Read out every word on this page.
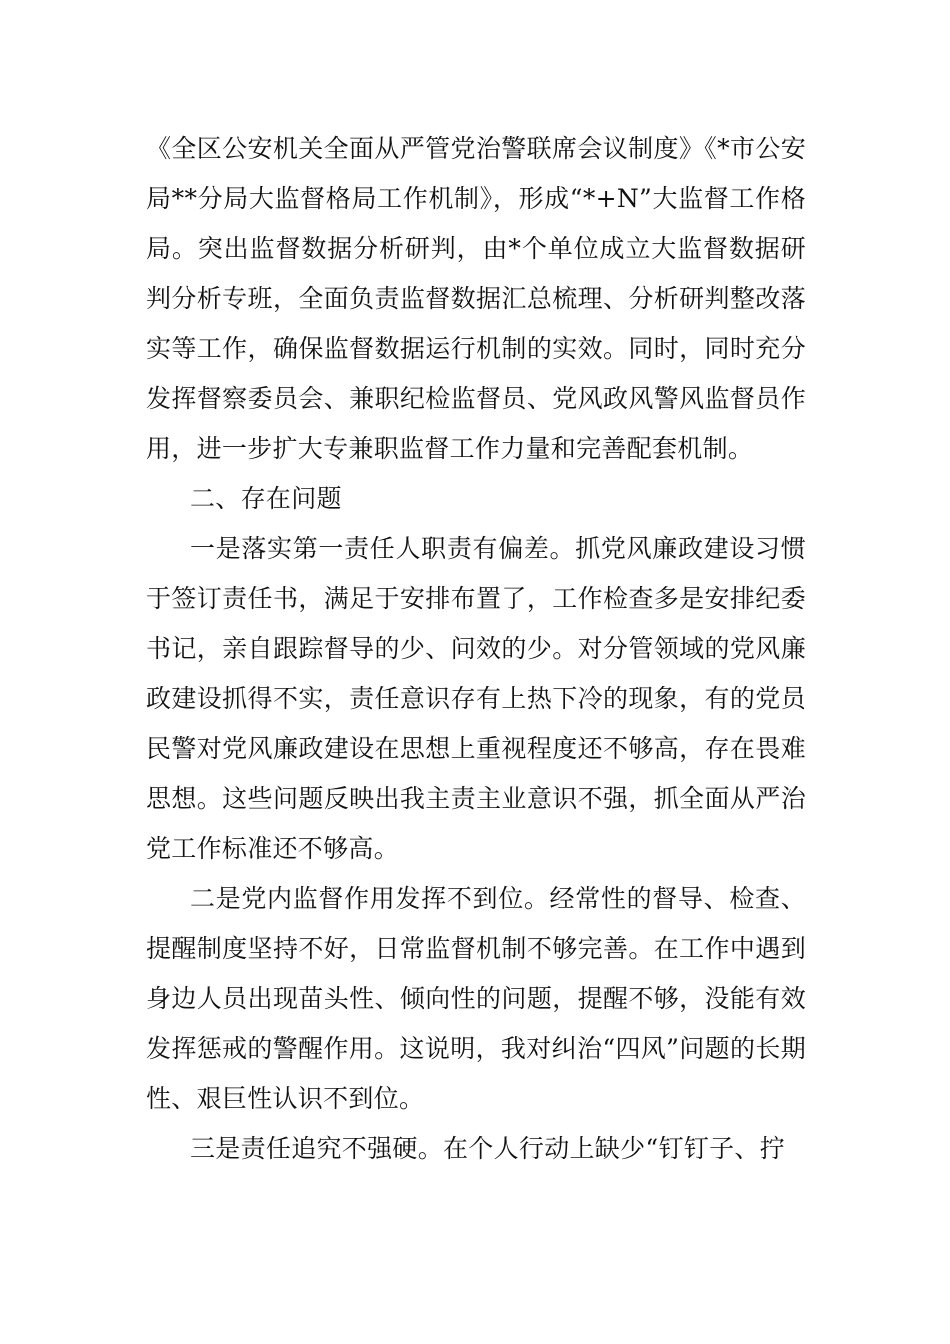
《全区公安机关全面从严管党治警联席会议制度》《*市公安局**分局大监督格局工作机制》，形成“*+N”大监督工作格局。突出监督数据分析研判，由*个单位成立大监督数据研判分析专班，全面负责监督数据汇总梳理、分析研判整改落实等工作，确保监督数据运行机制的实效。同时，同时充分发挥督察委员会、兼职纪检监督员、党风政风警风监督员作用，进一步扩大专兼职监督工作力量和完善配套机制。

二、存在问题

一是落实第一责任人职责有偏差。抓党风廉政建设习惯于签订责任书，满足于安排布置了，工作检查多是安排纪委书记，亲自跟踪督导的少、问效的少。对分管领域的党风廉政建设抓得不实，责任意识存有上热下冷的现象，有的党员民警对党风廉政建设在思想上重视程度还不够高，存在畏难思想。这些问题反映出我主责主业意识不强，抓全面从严治党工作标准还不够高。

二是党内监督作用发挥不到位。经常性的督导、检查、提醒制度坚持不好，日常监督机制不够完善。在工作中遇到身边人员出现苗头性、倾向性的问题，提醒不够，没能有效发挥惩戒的警醒作用。这说明，我对纠治“四风”问题的长期性、艰巨性认识不到位。

三是责任追究不强硬。在个人行动上缺少“钉钉子、拧
